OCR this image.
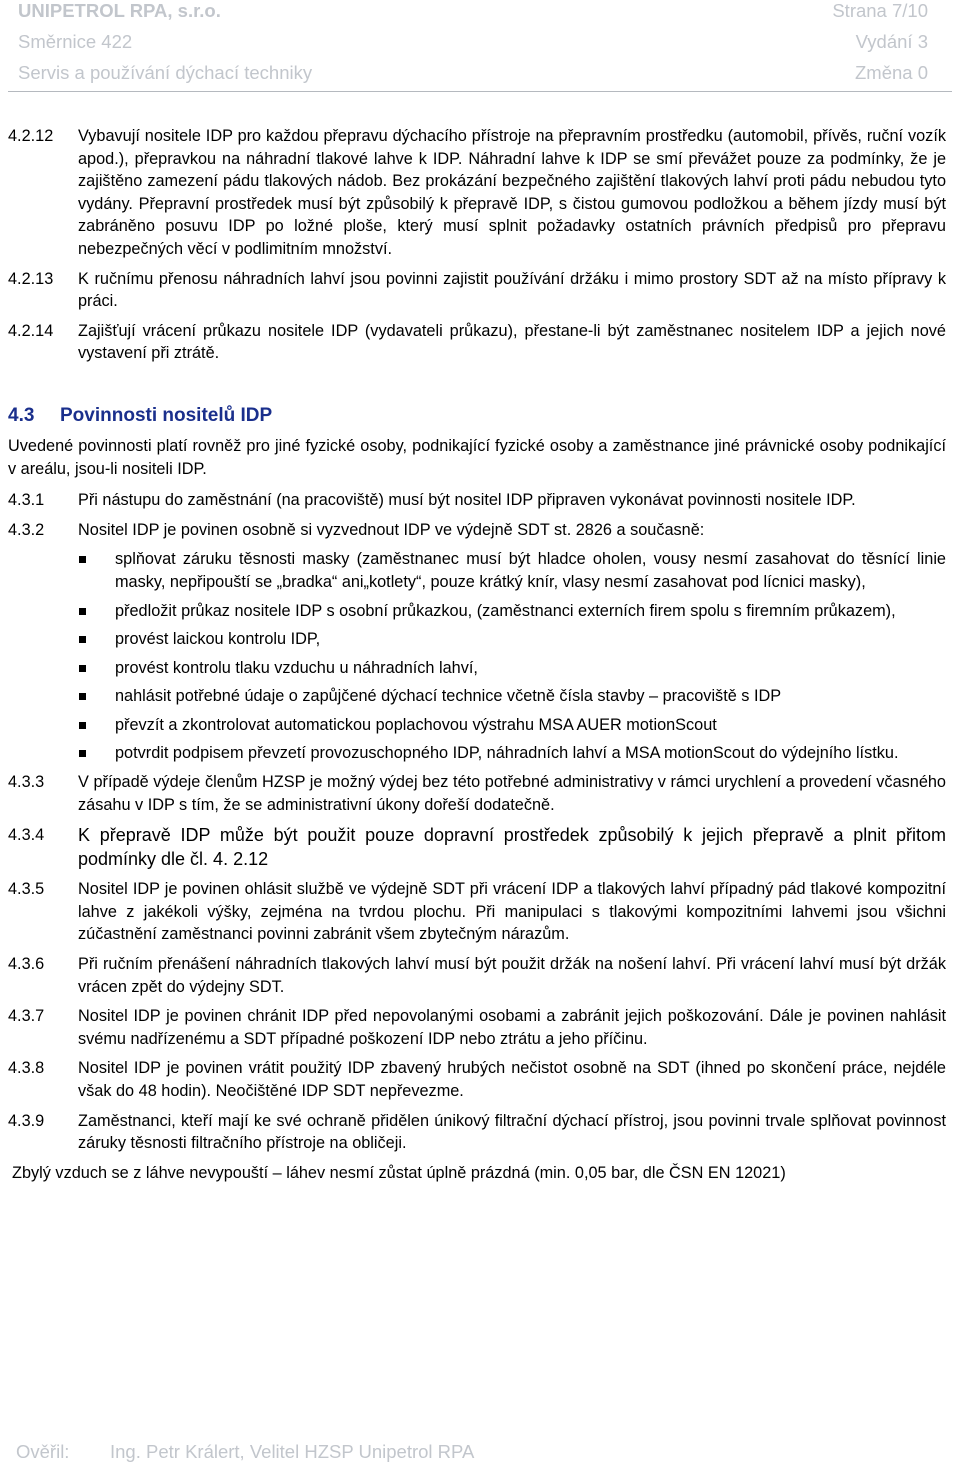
UNIPETROL RPA, s.r.o.	Strana 7/10
Směrnice 422	Vydání 3
Servis a používání dýchací techniky	Změna 0
4.2.12 Vybavují nositele IDP pro každou přepravu dýchacího přístroje na přepravním prostředku (automobil, přívěs, ruční vozík apod.), přepravkou na náhradní tlakové lahve k IDP. Náhradní lahve k IDP se smí převážet pouze za podmínky, že je zajištěno zamezení pádu tlakových nádob. Bez prokázání bezpečného zajištění tlakových lahví proti pádu nebudou tyto vydány. Přepravní prostředek musí být způsobilý k přepravě IDP, s čistou gumovou podložkou a během jízdy musí být zabráněno posuvu IDP po ložné ploše, který musí splnit požadavky ostatních právních předpisů pro přepravu nebezpečných věcí v podlimitním množství.
4.2.13 K ručnímu přenosu náhradních lahví jsou povinni zajistit používání držáku i mimo prostory SDT až na místo přípravy k práci.
4.2.14 Zajišťují vrácení průkazu nositele IDP (vydavateli průkazu), přestane-li být zaměstnanec nositelem IDP a jejich nové vystavení při ztrátě.
4.3 Povinnosti nositelů IDP
Uvedené povinnosti platí rovněž pro jiné fyzické osoby, podnikající fyzické osoby a zaměstnance jiné právnické osoby podnikající v areálu, jsou-li nositeli IDP.
4.3.1 Při nástupu do zaměstnání (na pracoviště) musí být nositel IDP připraven vykonávat povinnosti nositele IDP.
4.3.2 Nositel IDP je povinen osobně si vyzvednout IDP ve výdejně SDT st. 2826 a současně:
splňovat záruku těsnosti masky (zaměstnanec musí být hladce oholen, vousy nesmí zasahovat do těsnící linie masky, nepřipouští se „bradka“ ani„kotlety“, pouze krátký knír, vlasy nesmí zasahovat pod lícnici masky),
předložit průkaz nositele IDP s osobní průkazkou, (zaměstnanci externích firem spolu s firemním průkazem),
provést laickou kontrolu IDP,
provést kontrolu tlaku vzduchu u náhradních lahví,
nahlásit potřebné údaje o zapůjčené dýchací technice včetně čísla stavby – pracoviště s IDP
převzít a zkontrolovat automatickou poplachovou výstrahu MSA AUER motionScout
potvrdit podpisem převzetí provozuschopného IDP, náhradních lahví a MSA motionScout do výdejního lístku.
4.3.3 V případě výdeje členům HZSP je možný výdej bez této potřebné administrativy v rámci urychlení a provedení včasného zásahu v IDP s tím, že se administrativní úkony dořeší dodatečně.
4.3.4 K přepravě IDP může být použit pouze dopravní prostředek způsobilý k jejich přepravě a plnit přitom podmínky dle čl. 4. 2.12
4.3.5 Nositel IDP je povinen ohlásit službě ve výdejně SDT při vrácení IDP a tlakových lahví případný pád tlakové kompozitní lahve z jakékoli výšky, zejména na tvrdou plochu. Při manipulaci s tlakovými kompozitními lahvemi jsou všichni zúčastnění zaměstnanci povinni zabránit všem zbytečným nárazům.
4.3.6 Při ručním přenášení náhradních tlakových lahví musí být použit držák na nošení lahví. Při vrácení lahví musí být držák vrácen zpět do výdejny SDT.
4.3.7 Nositel IDP je povinen chránit IDP před nepovolanými osobami a zabránit jejich poškozování. Dále je povinen nahlásit svému nadřízenému a SDT případné poškození IDP nebo ztrátu a jeho příčinu.
4.3.8 Nositel IDP je povinen vrátit použitý IDP zbavený hrubých nečistot osobně na SDT (ihned po skončení práce, nejdéle však do 48 hodin). Neočištěné IDP SDT nepřevezme.
4.3.9 Zaměstnanci, kteří mají ke své ochraně přidělen únikový filtrační dýchací přístroj, jsou povinni trvale splňovat povinnost záruky těsnosti filtračního přístroje na obličeji.
Zbylý vzduch se z láhve nevypouští – láhev nesmí zůstat úplně prázdná (min. 0,05 bar, dle ČSN EN 12021)
Ověřil: Ing. Petr Králert, Velitel HZSP Unipetrol RPA
